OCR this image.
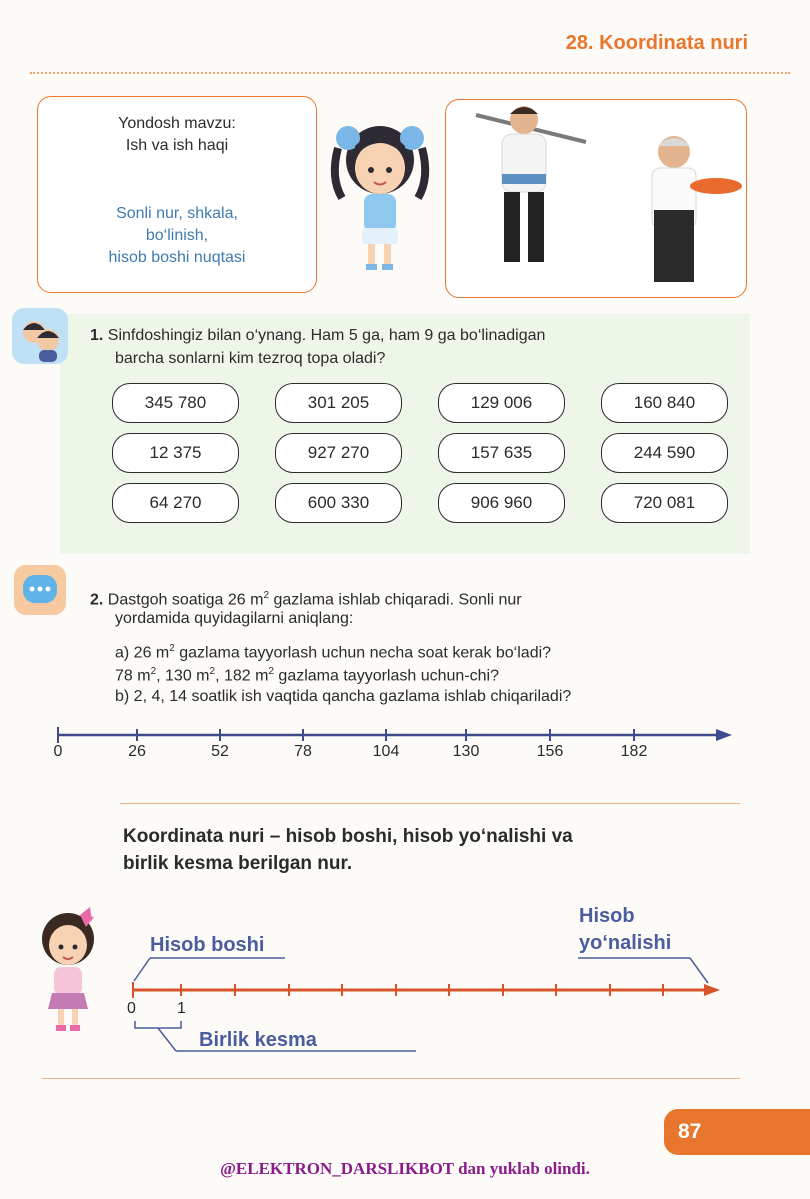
28. Koordinata nuri
Yondosh mavzu:
Ish va ish haqi
Sonli nur, shkala,
bo‘linish,
hisob boshi nuqtasi
1. Sinfdoshingiz bilan o‘ynang. Ham 5 ga, ham 9 ga bo‘linadigan
barcha sonlarni kim tezroq topa oladi?
345 780	301 205	129 006	160 840
12 375	927 270	157 635	244 590
64 270	600 330	906 960	720 081
2. Dastgoh soatiga 26 $m^2$ gazlama ishlab chiqaradi. Sonli nur
yordamida quyidagilarni aniqlang:
a) 26 $m^2$ gazlama tayyorlash uchun necha soat kerak bo‘ladi?
78 $m^2$, 130 $m^2$, 182 $m^2$ gazlama tayyorlash uchun-chi?
b) 2, 4, 14 soatlik ish vaqtida qancha gazlama ishlab chiqariladi?
0	26	52	78	104	130	156	182
Koordinata nuri – hisob boshi, hisob yo‘nalishi va
birlik kesma berilgan nur.
Hisob boshi
Hisob
yo‘nalishi
0	1
Birlik kesma
87
@ELEKTRON_DARSLIKBOT dan yuklab olindi.
